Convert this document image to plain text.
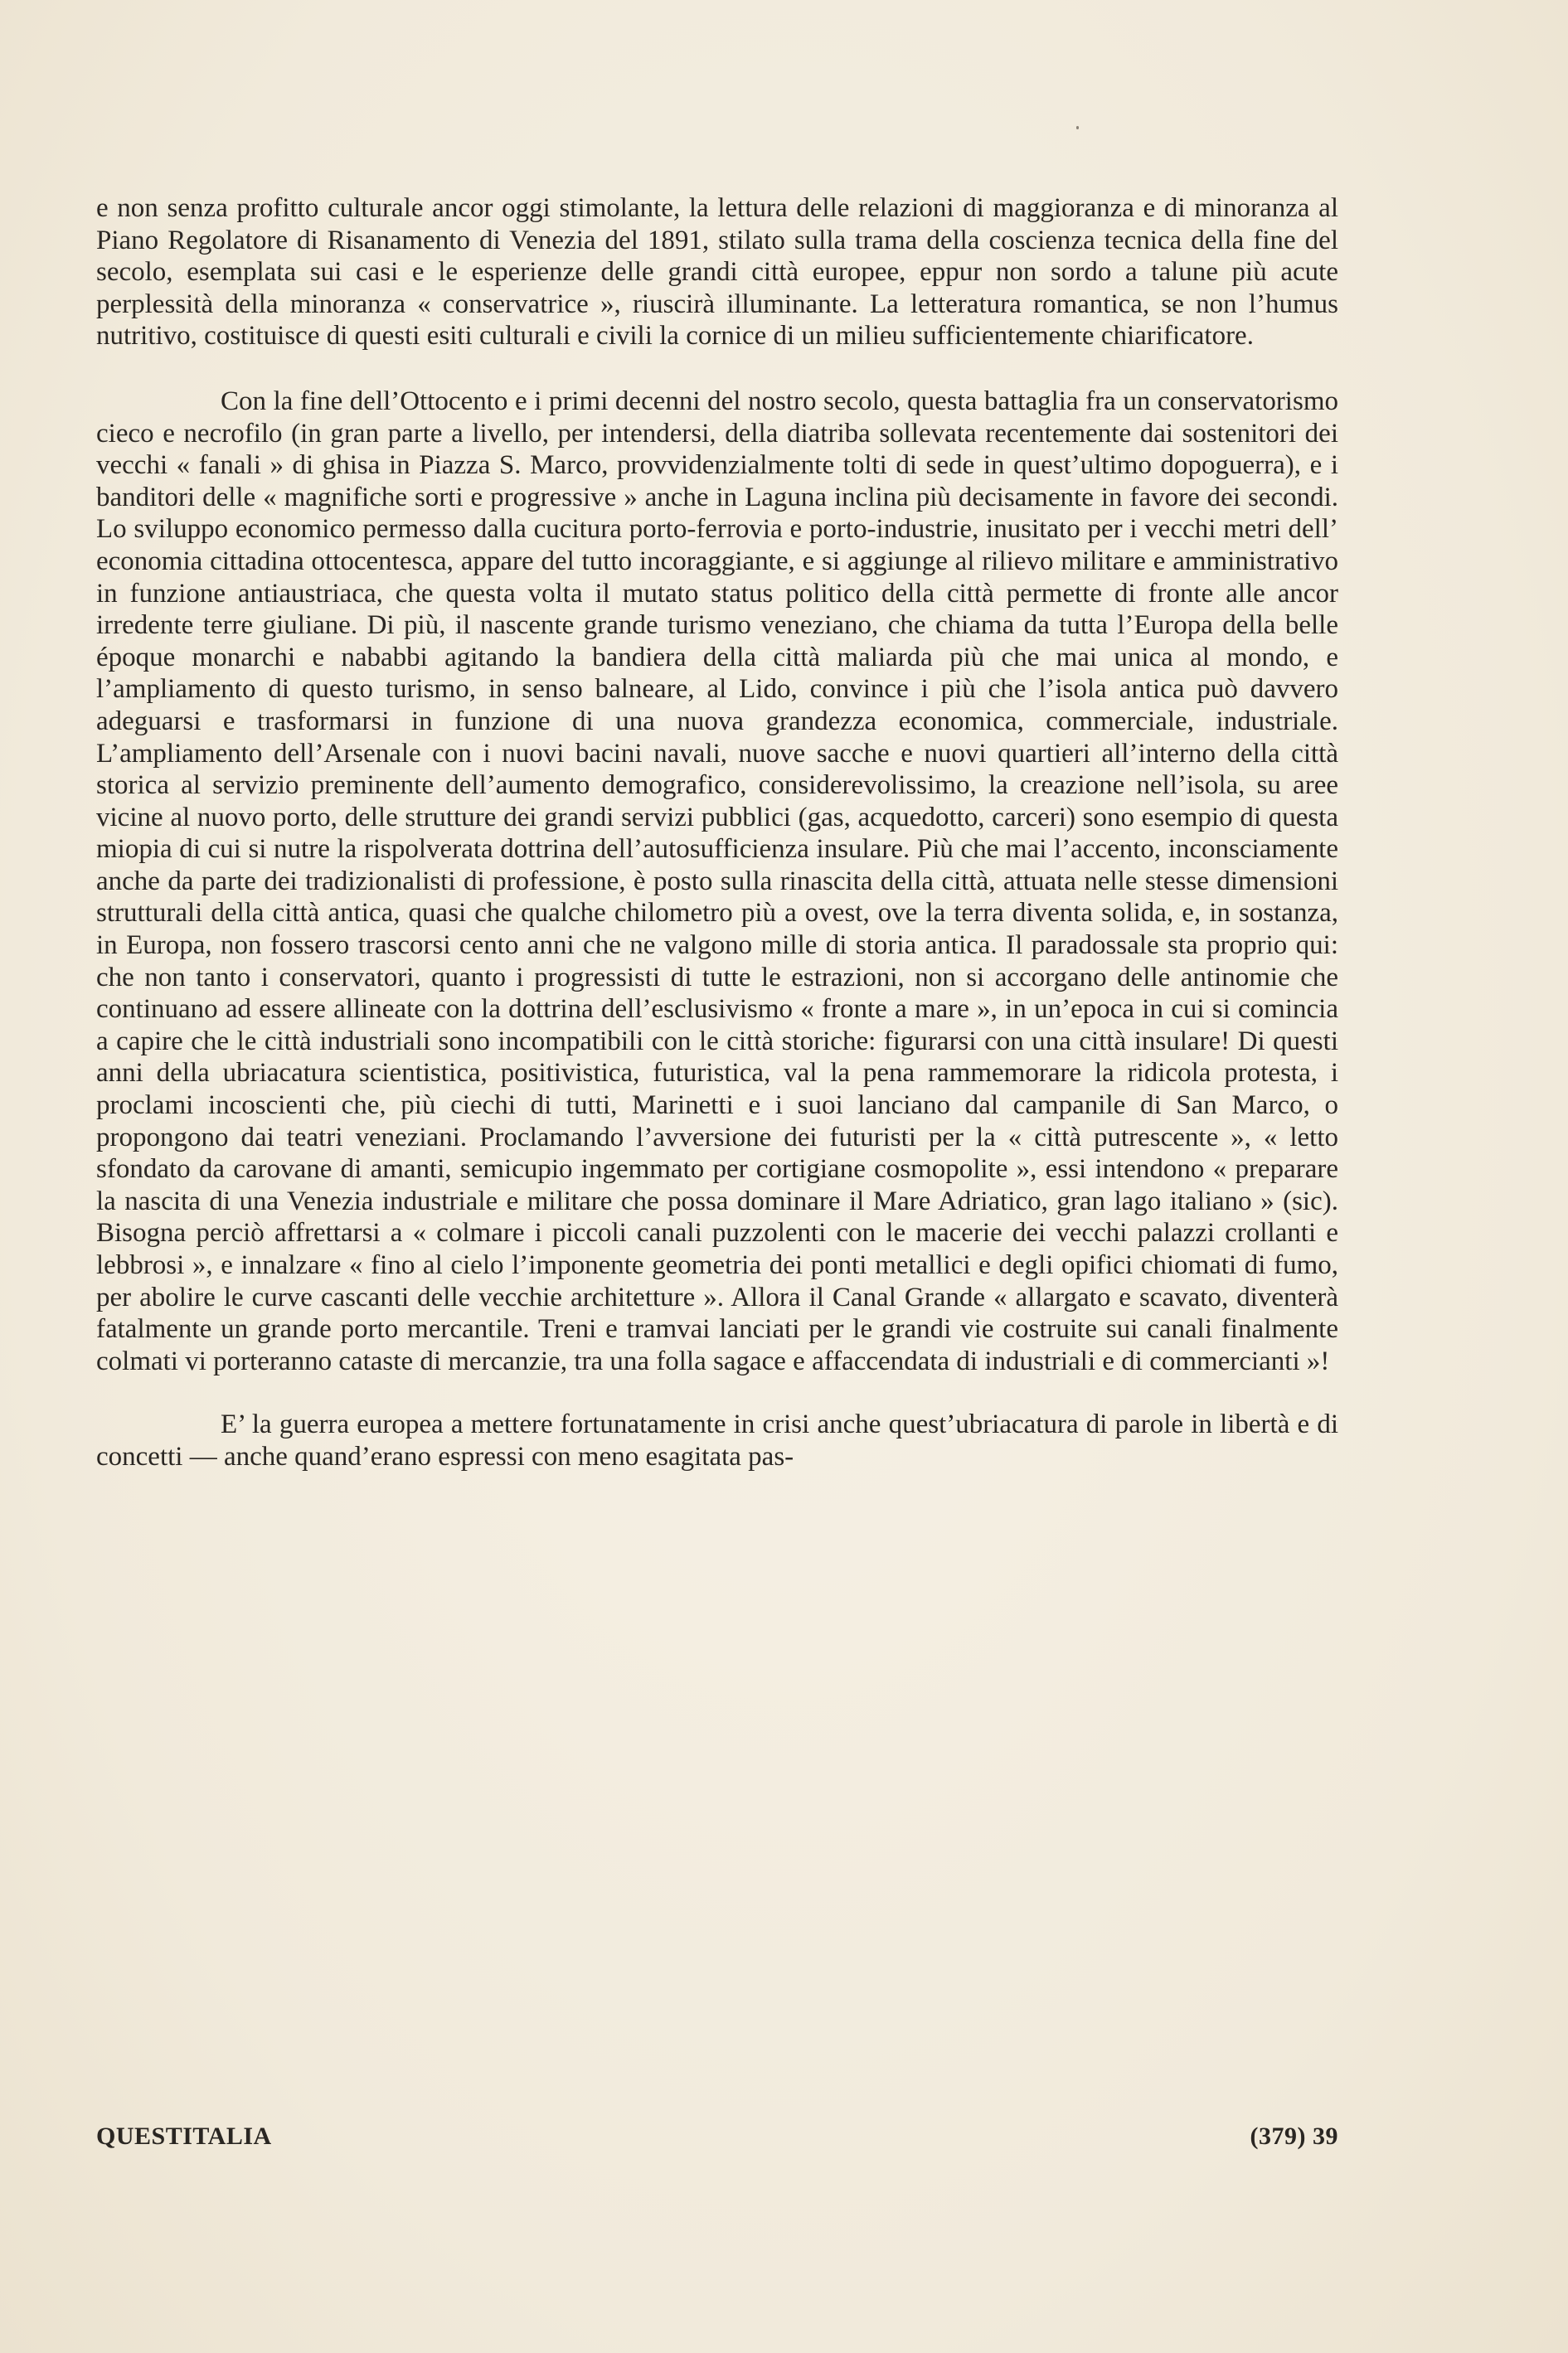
e non senza profitto culturale ancor oggi stimolante, la lettura delle relazioni di maggioranza e di minoranza al Piano Regolatore di Risanamento di Venezia del 1891, stilato sulla trama della coscienza tecnica della fine del secolo, esemplata sui casi e le esperienze delle grandi città europee, eppur non sordo a talune più acute perplessità della minoranza « conservatrice », riuscirà illuminante. La letteratura romantica, se non l’humus nutritivo, costituisce di questi esiti culturali e civili la cornice di un milieu sufficientemente chiarificatore.

Con la fine dell’Ottocento e i primi decenni del nostro secolo, questa battaglia fra un conservatorismo cieco e necrofilo (in gran parte a livello, per intendersi, della diatriba sollevata recentemente dai sostenitori dei vecchi « fanali » di ghisa in Piazza S. Marco, provvidenzialmente tolti di sede in quest’ultimo dopoguerra), e i banditori delle « magnifiche sorti e progressive » anche in Laguna inclina più decisamente in favore dei secondi. Lo sviluppo economico permesso dalla cucitura porto-ferrovia e porto-industrie, inusitato per i vecchi metri dell’ economia cittadina ottocentesca, appare del tutto incoraggiante, e si aggiunge al rilievo militare e amministrativo in funzione antiaustriaca, che questa volta il mutato status politico della città permette di fronte alle ancor irredente terre giuliane. Di più, il nascente grande turismo veneziano, che chiama da tutta l’Europa della belle époque monarchi e nababbi agitando la bandiera della città maliarda più che mai unica al mondo, e l’ampliamento di questo turismo, in senso balneare, al Lido, convince i più che l’isola antica può davvero adeguarsi e trasformarsi in funzione di una nuova grandezza economica, commerciale, industriale. L’ampliamento dell’Arsenale con i nuovi bacini navali, nuove sacche e nuovi quartieri all’interno della città storica al servizio preminente dell’aumento demografico, considerevolissimo, la creazione nell’isola, su aree vicine al nuovo porto, delle strutture dei grandi servizi pubblici (gas, acquedotto, carceri) sono esempio di questa miopia di cui si nutre la rispolverata dottrina dell’autosufficienza insulare. Più che mai l’accento, inconsciamente anche da parte dei tradizionalisti di professione, è posto sulla rinascita della città, attuata nelle stesse dimensioni strutturali della città antica, quasi che qualche chilometro più a ovest, ove la terra diventa solida, e, in sostanza, in Europa, non fossero trascorsi cento anni che ne valgono mille di storia antica. Il paradossale sta proprio qui: che non tanto i conservatori, quanto i progressisti di tutte le estrazioni, non si accorgano delle antinomie che continuano ad essere allineate con la dottrina dell’esclusivismo « fronte a mare », in un’epoca in cui si comincia a capire che le città industriali sono incompatibili con le città storiche: figurarsi con una città insulare! Di questi anni della ubriacatura scientistica, positivistica, futuristica, val la pena rammemorare la ridicola protesta, i proclami incoscienti che, più ciechi di tutti, Marinetti e i suoi lanciano dal campanile di San Marco, o propongono dai teatri veneziani. Proclamando l’avversione dei futuristi per la « città putrescente », « letto sfondato da carovane di amanti, semicupio ingemmato per cortigiane cosmopolite », essi intendono « preparare la nascita di una Venezia industriale e militare che possa dominare il Mare Adriatico, gran lago italiano » (sic). Bisogna perciò affrettarsi a « colmare i piccoli canali puzzolenti con le macerie dei vecchi palazzi crollanti e lebbrosi », e innalzare « fino al cielo l’imponente geometria dei ponti metallici e degli opifici chiomati di fumo, per abolire le curve cascanti delle vecchie architetture ». Allora il Canal Grande « allargato e scavato, diventerà fatalmente un grande porto mercantile. Treni e tramvai lanciati per le grandi vie costruite sui canali finalmente colmati vi porteranno cataste di mercanzie, tra una folla sagace e affaccendata di industriali e di commercianti »!

E’ la guerra europea a mettere fortunatamente in crisi anche quest’ubriacatura di parole in libertà e di concetti — anche quand’erano espressi con meno esagitata pas-

QUESTITALIA	(379) 39
